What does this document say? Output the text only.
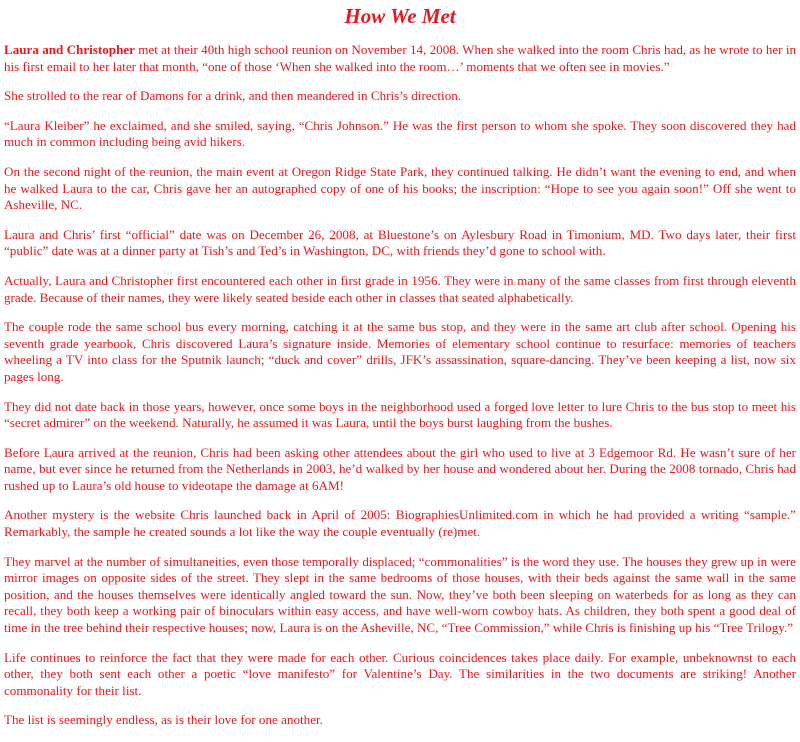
How We Met

Laura and Christopher met at their 40th high school reunion on November 14, 2008. When she walked into the room Chris had, as he wrote to her in his first email to her later that month, “one of those ‘When she walked into the room…’ moments that we often see in movies.”

She strolled to the rear of Damons for a drink, and then meandered in Chris’s direction.

“Laura Kleiber” he exclaimed, and she smiled, saying, “Chris Johnson.” He was the first person to whom she spoke. They soon discovered they had much in common including being avid hikers.

On the second night of the reunion, the main event at Oregon Ridge State Park, they continued talking. He didn’t want the evening to end, and when he walked Laura to the car, Chris gave her an autographed copy of one of his books; the inscription: “Hope to see you again soon!” Off she went to Asheville, NC.

Laura and Chris’ first “official” date was on December 26, 2008, at Bluestone’s on Aylesbury Road in Timonium, MD. Two days later, their first “public” date was at a dinner party at Tish’s and Ted’s in Washington, DC, with friends they’d gone to school with.

Actually, Laura and Christopher first encountered each other in first grade in 1956. They were in many of the same classes from first through eleventh grade. Because of their names, they were likely seated beside each other in classes that seated alphabetically.

The couple rode the same school bus every morning, catching it at the same bus stop, and they were in the same art club after school. Opening his seventh grade yearbook, Chris discovered Laura’s signature inside. Memories of elementary school continue to resurface: memories of teachers wheeling a TV into class for the Sputnik launch; “duck and cover” drills, JFK’s assassination, square-dancing. They’ve been keeping a list, now six pages long.

They did not date back in those years, however, once some boys in the neighborhood used a forged love letter to lure Chris to the bus stop to meet his “secret admirer” on the weekend. Naturally, he assumed it was Laura, until the boys burst laughing from the bushes.

Before Laura arrived at the reunion, Chris had been asking other attendees about the girl who used to live at 3 Edgemoor Rd. He wasn’t sure of her name, but ever since he returned from the Netherlands in 2003, he’d walked by her house and wondered about her. During the 2008 tornado, Chris had rushed up to Laura’s old house to videotape the damage at 6AM!

Another mystery is the website Chris launched back in April of 2005: BiographiesUnlimited.com in which he had provided a writing “sample.” Remarkably, the sample he created sounds a lot like the way the couple eventually (re)met.

They marvel at the number of simultaneities, even those temporally displaced; “commonalities” is the word they use. The houses they grew up in were mirror images on opposite sides of the street. They slept in the same bedrooms of those houses, with their beds against the same wall in the same position, and the houses themselves were identically angled toward the sun. Now, they’ve both been sleeping on waterbeds for as long as they can recall, they both keep a working pair of binoculars within easy access, and have well-worn cowboy hats. As children, they both spent a good deal of time in the tree behind their respective houses; now, Laura is on the Asheville, NC, “Tree Commission,” while Chris is finishing up his “Tree Trilogy.”

Life continues to reinforce the fact that they were made for each other. Curious coincidences takes place daily. For example, unbeknownst to each other, they both sent each other a poetic “love manifesto” for Valentine’s Day. The similarities in the two documents are striking! Another commonality for their list.

The list is seemingly endless, as is their love for one another.
